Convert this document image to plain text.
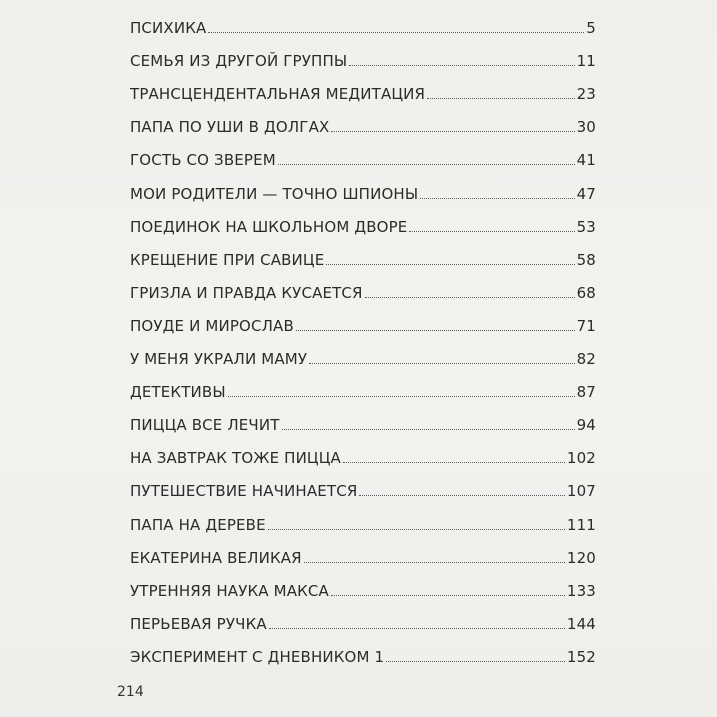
ПСИХИКА	5
СЕМЬЯ ИЗ ДРУГОЙ ГРУППЫ	11
ТРАНСЦЕНДЕНТАЛЬНАЯ МЕДИТАЦИЯ	23
ПАПА ПО УШИ В ДОЛГАХ	30
ГОСТЬ СО ЗВЕРЕМ	41
МОИ РОДИТЕЛИ — ТОЧНО ШПИОНЫ	47
ПОЕДИНОК НА ШКОЛЬНОМ ДВОРЕ	53
КРЕЩЕНИЕ ПРИ САВИЦЕ	58
ГРИЗЛА И ПРАВДА КУСАЕТСЯ	68
ПОУДЕ И МИРОСЛАВ	71
У МЕНЯ УКРАЛИ МАМУ	82
ДЕТЕКТИВЫ	87
ПИЦЦА ВСЕ ЛЕЧИТ	94
НА ЗАВТРАК ТОЖЕ ПИЦЦА	102
ПУТЕШЕСТВИЕ НАЧИНАЕТСЯ	107
ПАПА НА ДЕРЕВЕ	111
ЕКАТЕРИНА ВЕЛИКАЯ	120
УТРЕННЯЯ НАУКА МАКСА	133
ПЕРЬЕВАЯ РУЧКА	144
ЭКСПЕРИМЕНТ С ДНЕВНИКОМ 1	152
214
